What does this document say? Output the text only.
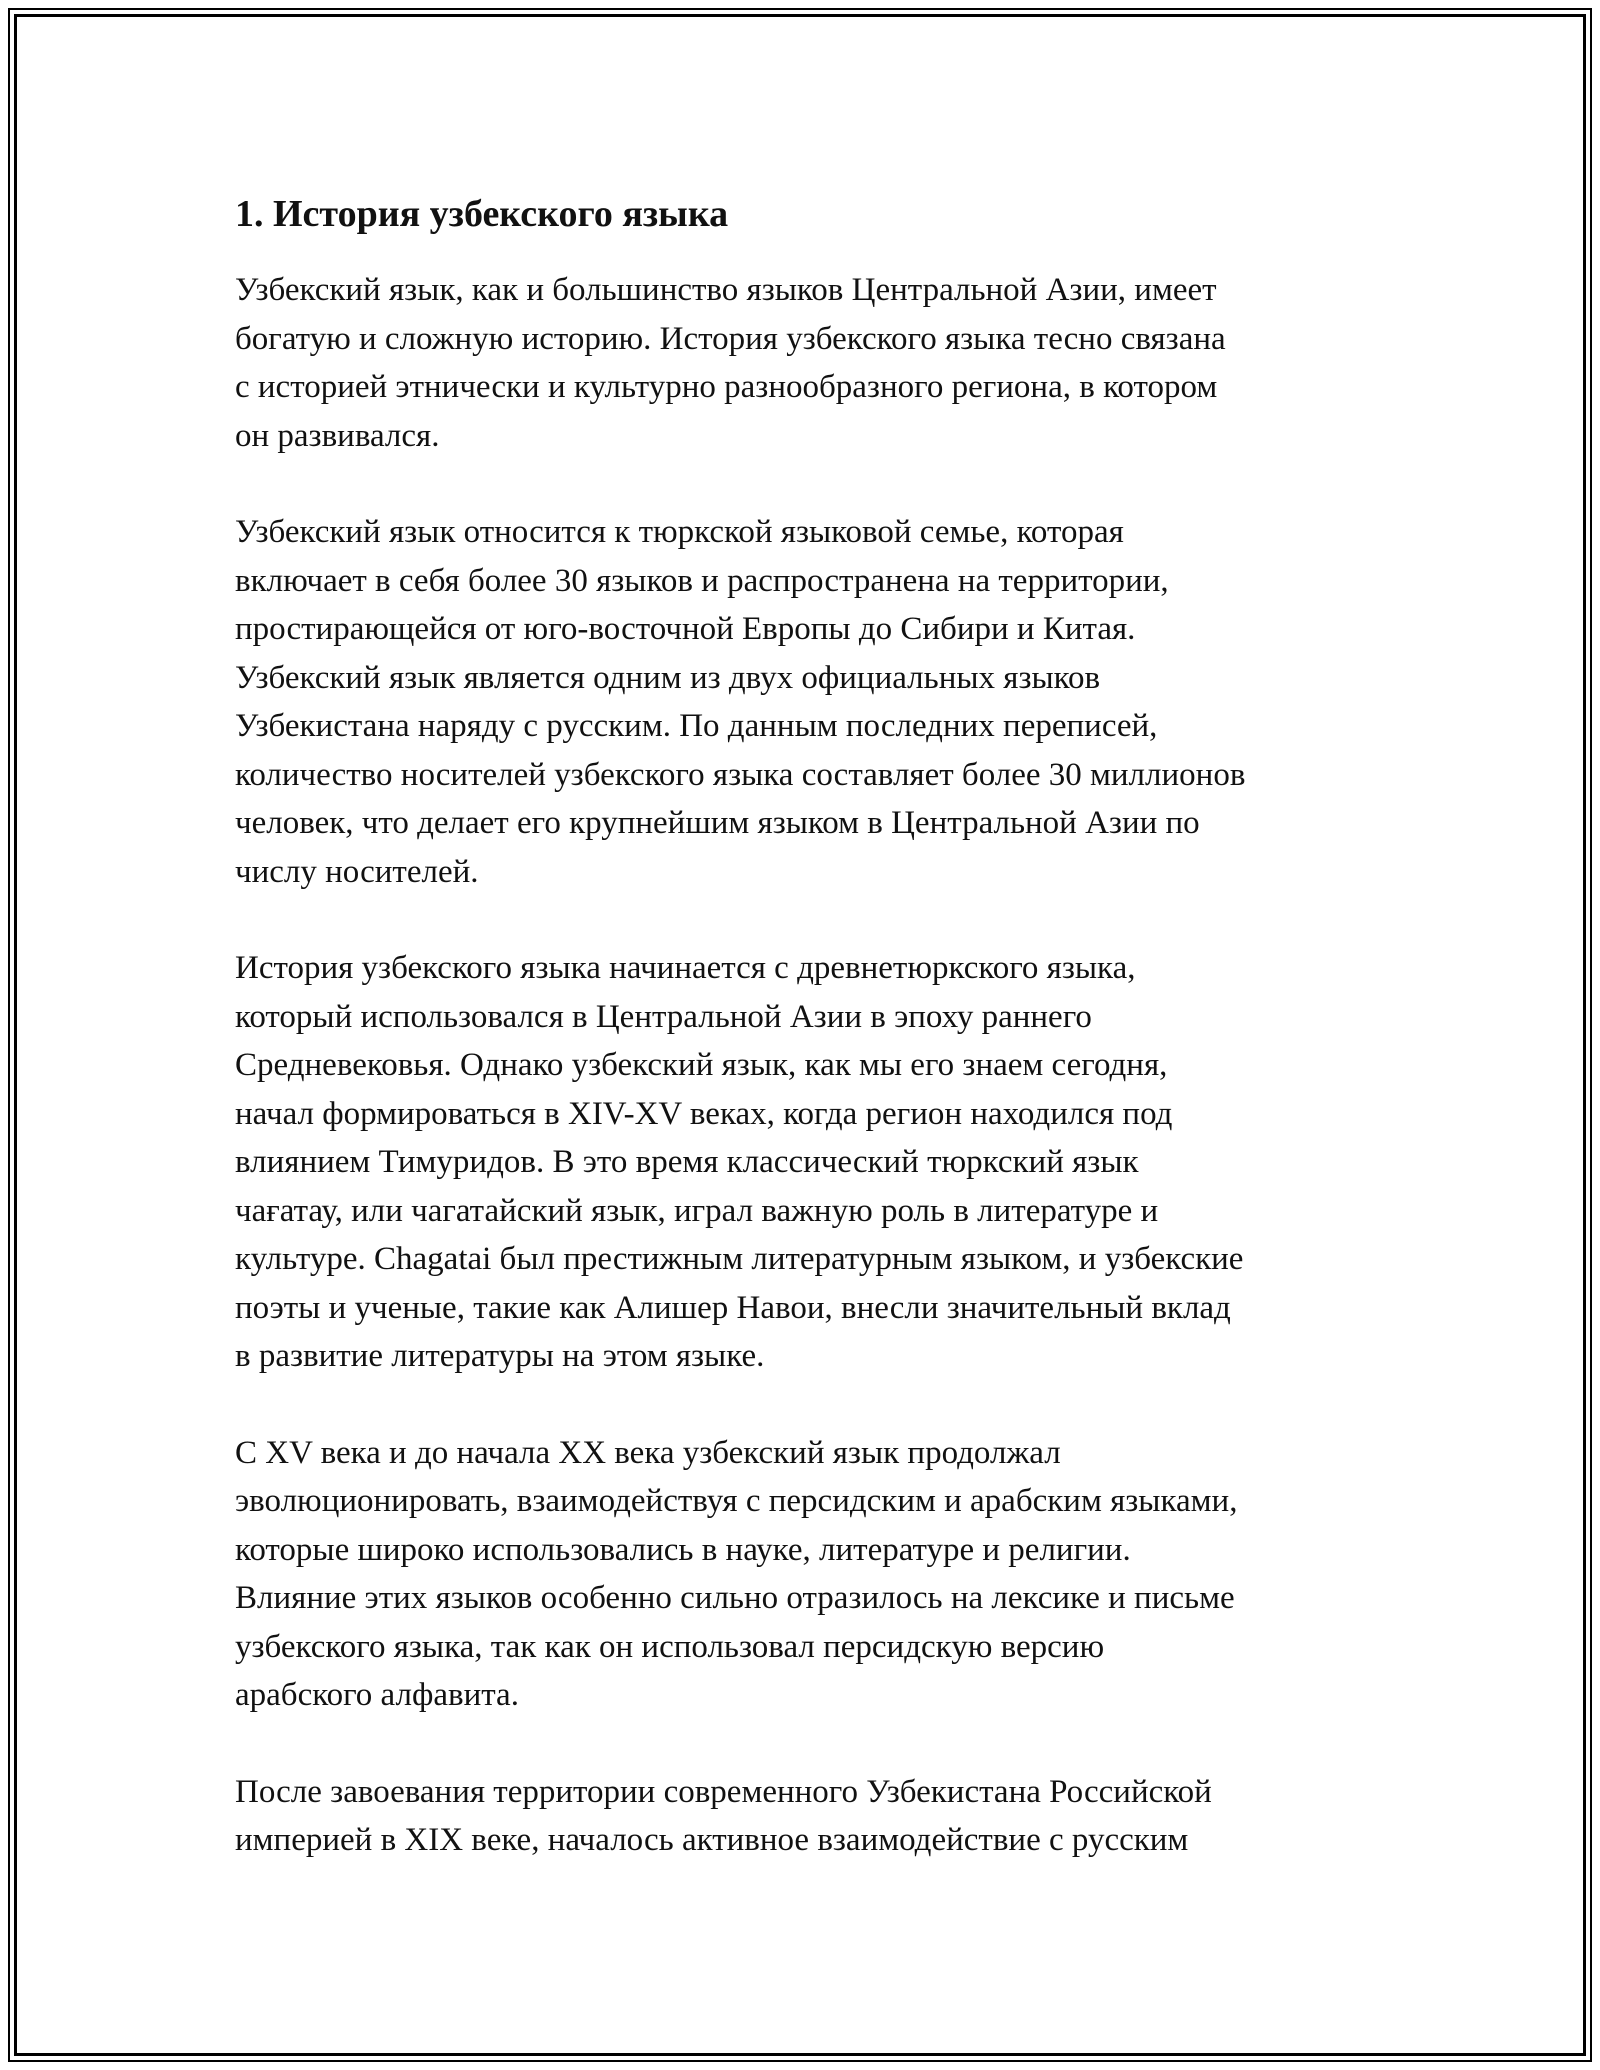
1. История узбекского языка

Узбекский язык, как и большинство языков Центральной Азии, имеет
богатую и сложную историю. История узбекского языка тесно связана
с историей этнически и культурно разнообразного региона, в котором
он развивался.

Узбекский язык относится к тюркской языковой семье, которая
включает в себя более 30 языков и распространена на территории,
простирающейся от юго-восточной Европы до Сибири и Китая.
Узбекский язык является одним из двух официальных языков
Узбекистана наряду с русским. По данным последних переписей,
количество носителей узбекского языка составляет более 30 миллионов
человек, что делает его крупнейшим языком в Центральной Азии по
числу носителей.

История узбекского языка начинается с древнетюркского языка,
который использовался в Центральной Азии в эпоху раннего
Средневековья. Однако узбекский язык, как мы его знаем сегодня,
начал формироваться в XIV-XV веках, когда регион находился под
влиянием Тимуридов. В это время классический тюркский язык
чағатау, или чагатайский язык, играл важную роль в литературе и
культуре. Chagatai был престижным литературным языком, и узбекские
поэты и ученые, такие как Алишер Навои, внесли значительный вклад
в развитие литературы на этом языке.

С XV века и до начала XX века узбекский язык продолжал
эволюционировать, взаимодействуя с персидским и арабским языками,
которые широко использовались в науке, литературе и религии.
Влияние этих языков особенно сильно отразилось на лексике и письме
узбекского языка, так как он использовал персидскую версию
арабского алфавита.

После завоевания территории современного Узбекистана Российской
империей в XIX веке, началось активное взаимодействие с русским
